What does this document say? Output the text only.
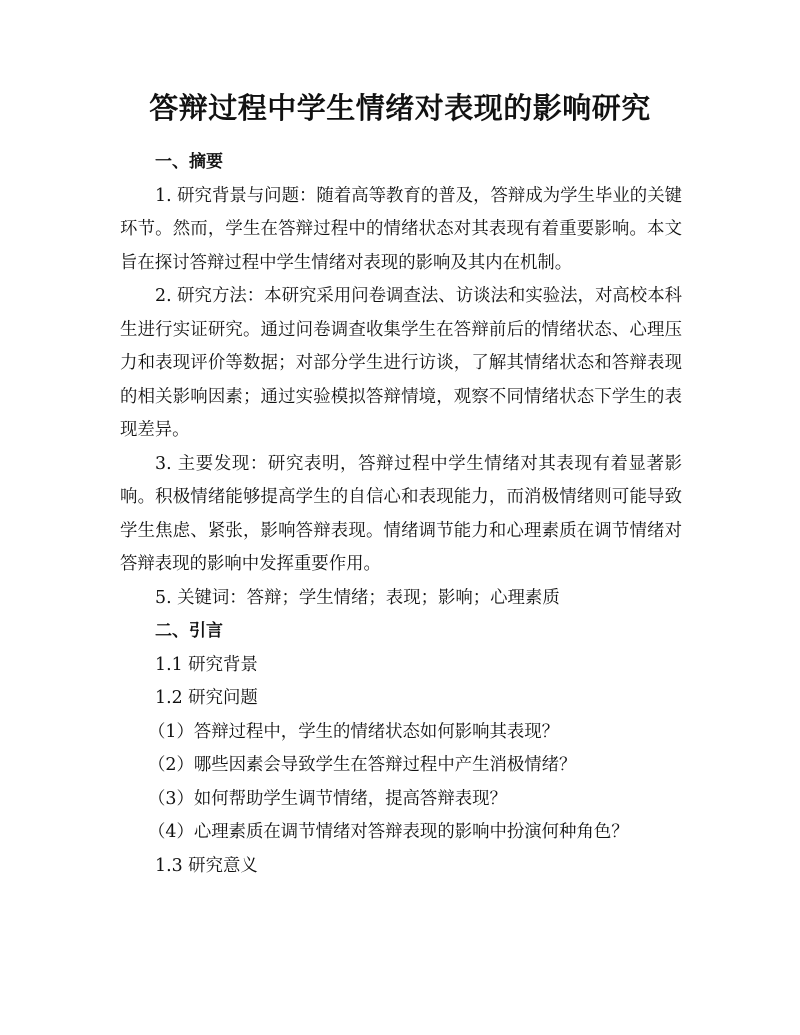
答辩过程中学生情绪对表现的影响研究

一、摘要

1. 研究背景与问题：随着高等教育的普及，答辩成为学生毕业的关键环节。然而，学生在答辩过程中的情绪状态对其表现有着重要影响。本文旨在探讨答辩过程中学生情绪对表现的影响及其内在机制。

2. 研究方法：本研究采用问卷调查法、访谈法和实验法，对高校本科生进行实证研究。通过问卷调查收集学生在答辩前后的情绪状态、心理压力和表现评价等数据；对部分学生进行访谈，了解其情绪状态和答辩表现的相关影响因素；通过实验模拟答辩情境，观察不同情绪状态下学生的表现差异。

3. 主要发现：研究表明，答辩过程中学生情绪对其表现有着显著影响。积极情绪能够提高学生的自信心和表现能力，而消极情绪则可能导致学生焦虑、紧张，影响答辩表现。情绪调节能力和心理素质在调节情绪对答辩表现的影响中发挥重要作用。

5. 关键词：答辩；学生情绪；表现；影响；心理素质

二、引言

1.1 研究背景

1.2 研究问题

（1）答辩过程中，学生的情绪状态如何影响其表现？

（2）哪些因素会导致学生在答辩过程中产生消极情绪？

（3）如何帮助学生调节情绪，提高答辩表现？

（4）心理素质在调节情绪对答辩表现的影响中扮演何种角色？

1.3 研究意义
